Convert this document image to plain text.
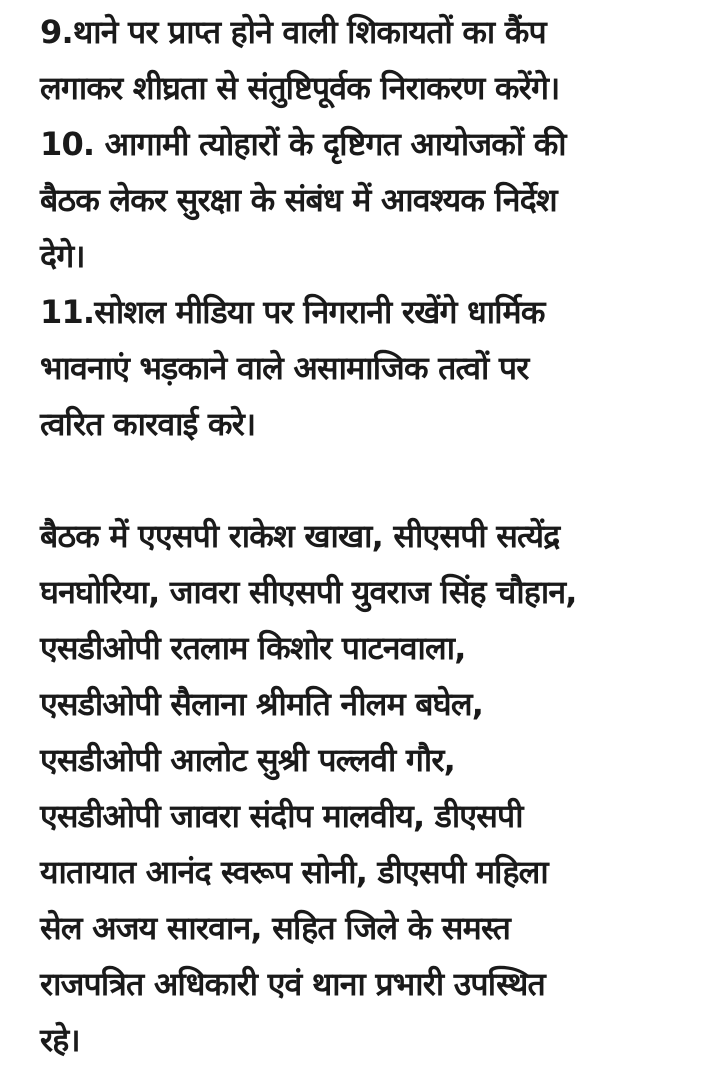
9.थाने पर प्राप्त होने वाली शिकायतों का कैंप
लगाकर शीघ्रता से संतुष्टिपूर्वक निराकरण करेंगे।
10. आगामी त्योहारों के दृष्टिगत आयोजकों की
बैठक लेकर सुरक्षा के संबंध में आवश्यक निर्देश
देगे।
11.सोशल मीडिया पर निगरानी रखेंगे धार्मिक
भावनाएं भड़काने वाले असामाजिक तत्वों पर
त्वरित कारवाई करे।
बैठक में एएसपी राकेश खाखा, सीएसपी सत्येंद्र
घनघोरिया, जावरा सीएसपी युवराज सिंह चौहान,
एसडीओपी रतलाम किशोर पाटनवाला,
एसडीओपी सैलाना श्रीमति नीलम बघेल,
एसडीओपी आलोट सुश्री पल्लवी गौर,
एसडीओपी जावरा संदीप मालवीय, डीएसपी
यातायात आनंद स्वरूप सोनी, डीएसपी महिला
सेल अजय सारवान, सहित जिले के समस्त
राजपत्रित अधिकारी एवं थाना प्रभारी उपस्थित
रहे।
